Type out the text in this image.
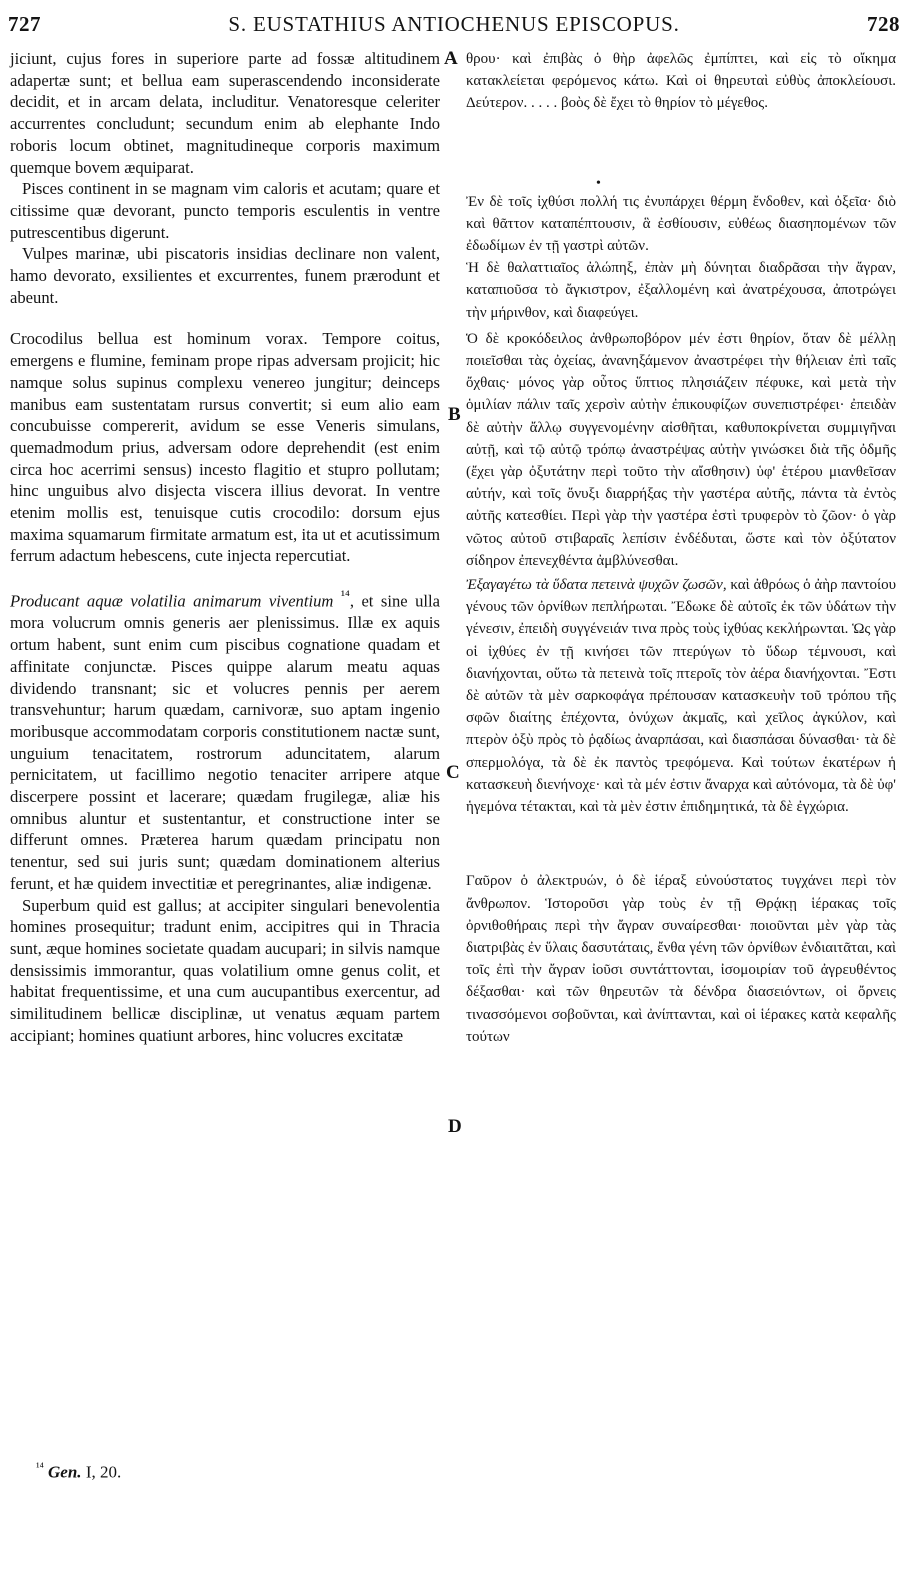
727	S. EUSTATHIUS ANTIOCHENUS EPISCOPUS.	728

jiciunt, cujus fores in superiore parte ad fossæ altitudinem adapertæ sunt; et bellua eam superascendendo inconsiderate decidit, et in arcam delata, includitur. Venatoresque celeriter accurrentes concludunt; secundum enim ab elephante Indo roboris locum obtinet, magnitudineque corporis maximum quemque bovem æquiparat.

Pisces continent in se magnam vim caloris et acutam; quare et citissime quæ devorant, puncto temporis esculentis in ventre putrescentibus digerunt.

Vulpes marinæ, ubi piscatoris insidias declinare non valent, hamo devorato, exsilientes et excurrentes, funem prærodunt et abeunt.

Crocodilus bellua est hominum vorax. Tempore coitus, emergens e flumine, feminam prope ripas adversam projicit; hic namque solus supinus complexu venereo jungitur; deinceps manibus eam sustentatam rursus convertit; si eum alio eam concubuisse compererit, avidum se esse Veneris simulans, quemadmodum prius, adversam odore deprehendit (est enim circa hoc acerrimi sensus) incesto flagitio et stupro pollutam; hinc unguibus alvo disjecta viscera illius devorat. In ventre etenim mollis est, tenuisque cutis crocodilo: dorsum ejus maxima squamarum firmitate armatum est, ita ut et acutissimum ferrum adactum hebescens, cute injecta repercutiat.

Producant aquæ volatilia animarum viventium $^{^{14}}$, et sine ulla mora volucrum omnis generis aer plenissimus. Illæ ex aquis ortum habent, sunt enim cum piscibus cognatione quadam et affinitate conjunctæ. Pisces quippe alarum meatu aquas dividendo transnant; sic et volucres pennis per aerem transvehuntur; harum quædam, carnivoræ, suo aptam ingenio moribusque accommodatam corporis constitutionem nactæ sunt, unguium tenacitatem, rostrorum aduncitatem, alarum pernicitatem, ut facillimo negotio tenaciter arripere atque discerpere possint et lacerare; quædam frugilegæ, aliæ his omnibus aluntur et sustentantur, et constructione inter se differunt omnes. Præterea harum quædam principatu non tenentur, sed sui juris sunt; quædam dominationem alterius ferunt, et hæ quidem invectitiæ et peregrinantes, aliæ indigenæ.

Superbum quid est gallus; at accipiter singulari benevolentia homines prosequitur; tradunt enim, accipitres qui in Thracia sunt, æque homines societate quadam aucupari; in silvis namque densissimis immorantur, quas volatilium omne genus colit, et habitat frequentissime, et una cum aucupantibus exercentur, ad similitudinem bellicæ disciplinæ, ut venatus æquam partem accipiant; homines quatiunt arbores, hinc volucres excitatæ

θρου· καὶ ἐπιβὰς ὁ θὴρ ἀφελῶς ἐμπίπτει, καὶ εἰς τὸ οἴκημα κατακλείεται φερόμενος κάτω. Καὶ οἱ θηρευταὶ εὐθὺς ἀποκλείουσι. Δεύτερον. . . . . βοὸς δὲ ἔχει τὸ θηρίον τὸ μέγεθος.

Ἐν δὲ τοῖς ἰχθύσι πολλή τις ἐνυπάρχει θέρμη ἔνδοθεν, καὶ ὀξεῖα· διὸ καὶ θᾶττον καταπέπτουσιν, ἃ ἐσθίουσιν, εὐθέως διασηπομένων τῶν ἐδωδίμων ἐν τῇ γαστρὶ αὐτῶν.

Ἡ δὲ θαλαττιαῖος ἀλώπηξ, ἐπὰν μὴ δύνηται διαδρᾶσαι τὴν ἄγραν, καταπιοῦσα τὸ ἄγκιστρον, ἐξαλλομένη καὶ ἀνατρέχουσα, ἀποτρώγει τὴν μήρινθον, καὶ διαφεύγει.

Ὁ δὲ κροκόδειλος ἀνθρωποβόρον μέν ἐστι θηρίον, ὅταν δὲ μέλλῃ ποιεῖσθαι τὰς ὀχείας, ἀνανηξάμενον ἀναστρέφει τὴν θήλειαν ἐπὶ ταῖς ὄχθαις· μόνος γὰρ οὗτος ὕπτιος πλησιάζειν πέφυκε, καὶ μετὰ τὴν ὁμιλίαν πάλιν ταῖς χερσὶν αὐτὴν ἐπικουφίζων συνεπιστρέφει· ἐπειδὰν δὲ αὐτὴν ἄλλῳ συγγενομένην αἰσθῆται, καθυποκρίνεται συμμιγῆναι αὐτῇ, καὶ τῷ αὐτῷ τρόπῳ ἀναστρέψας αὐτὴν γινώσκει διὰ τῆς ὀδμῆς (ἔχει γὰρ ὀξυτάτην περὶ τοῦτο τὴν αἴσθησιν) ὑφ' ἑτέρου μιανθεῖσαν αὐτήν, καὶ τοῖς ὄνυξι διαρρήξας τὴν γαστέρα αὐτῆς, πάντα τὰ ἐντὸς αὐτῆς κατεσθίει. Περὶ γὰρ τὴν γαστέρα ἐστὶ τρυφερὸν τὸ ζῶον· ὁ γὰρ νῶτος αὐτοῦ στιβαραῖς λεπίσιν ἐνδέδυται, ὥστε καὶ τὸν ὀξύτατον σίδηρον ἐπενεχθέντα ἀμβλύνεσθαι.

Ἐξαγαγέτω τὰ ὕδατα πετεινὰ ψυχῶν ζωσῶν, καὶ ἀθρόως ὁ ἀὴρ παντοίου γένους τῶν ὀρνίθων πεπλήρωται. Ἔδωκε δὲ αὐτοῖς ἐκ τῶν ὑδάτων τὴν γένεσιν, ἐπειδὴ συγγένειάν τινα πρὸς τοὺς ἰχθύας κεκλήρωνται. Ὡς γὰρ οἱ ἰχθύες ἐν τῇ κινήσει τῶν πτερύγων τὸ ὕδωρ τέμνουσι, καὶ διανήχονται, οὕτω τὰ πετεινὰ τοῖς πτεροῖς τὸν ἀέρα διανήχονται. Ἔστι δὲ αὐτῶν τὰ μὲν σαρκοφάγα πρέπουσαν κατασκευὴν τοῦ τρόπου τῆς σφῶν διαίτης ἐπέχοντα, ὀνύχων ἀκμαῖς, καὶ χεῖλος ἀγκύλον, καὶ πτερὸν ὀξὺ πρὸς τὸ ῥᾳδίως ἀναρπάσαι, καὶ διασπάσαι δύνασθαι· τὰ δὲ σπερμολόγα, τὰ δὲ ἐκ παντὸς τρεφόμενα. Καὶ τούτων ἑκατέρων ἡ κατασκευὴ διενήνοχε· καὶ τὰ μέν ἐστιν ἄναρχα καὶ αὐτόνομα, τὰ δὲ ὑφ' ἡγεμόνα τέτακται, καὶ τὰ μὲν ἐστιν ἐπιδημητικά, τὰ δὲ ἐγχώρια.

Γαῦρον ὁ ἀλεκτρυών, ὁ δὲ ἱέραξ εὐνούστατος τυγχάνει περὶ τὸν ἄνθρωπον. Ἱστοροῦσι γὰρ τοὺς ἐν τῇ Θρᾴκῃ ἱέρακας τοῖς ὀρνιθοθήραις περὶ τὴν ἄγραν συναίρεσθαι· ποιοῦνται μὲν γὰρ τὰς διατριβὰς ἐν ὕλαις δασυτάταις, ἔνθα γένη τῶν ὀρνίθων ἐνδιαιτᾶται, καὶ τοῖς ἐπὶ τὴν ἄγραν ἰοῦσι συντάττονται, ἰσομοιρίαν τοῦ ἀγρευθέντος δέξασθαι· καὶ τῶν θηρευτῶν τὰ δένδρα διασειόντων, οἱ ὄρνεις τινασσόμενοι σοβοῦνται, καὶ ἀνίπτανται, καὶ οἱ ἱέρακες κατὰ κεφαλῆς τούτων

A
B
C
D
•
$^{^{14}}$ Gen. I, 20.
